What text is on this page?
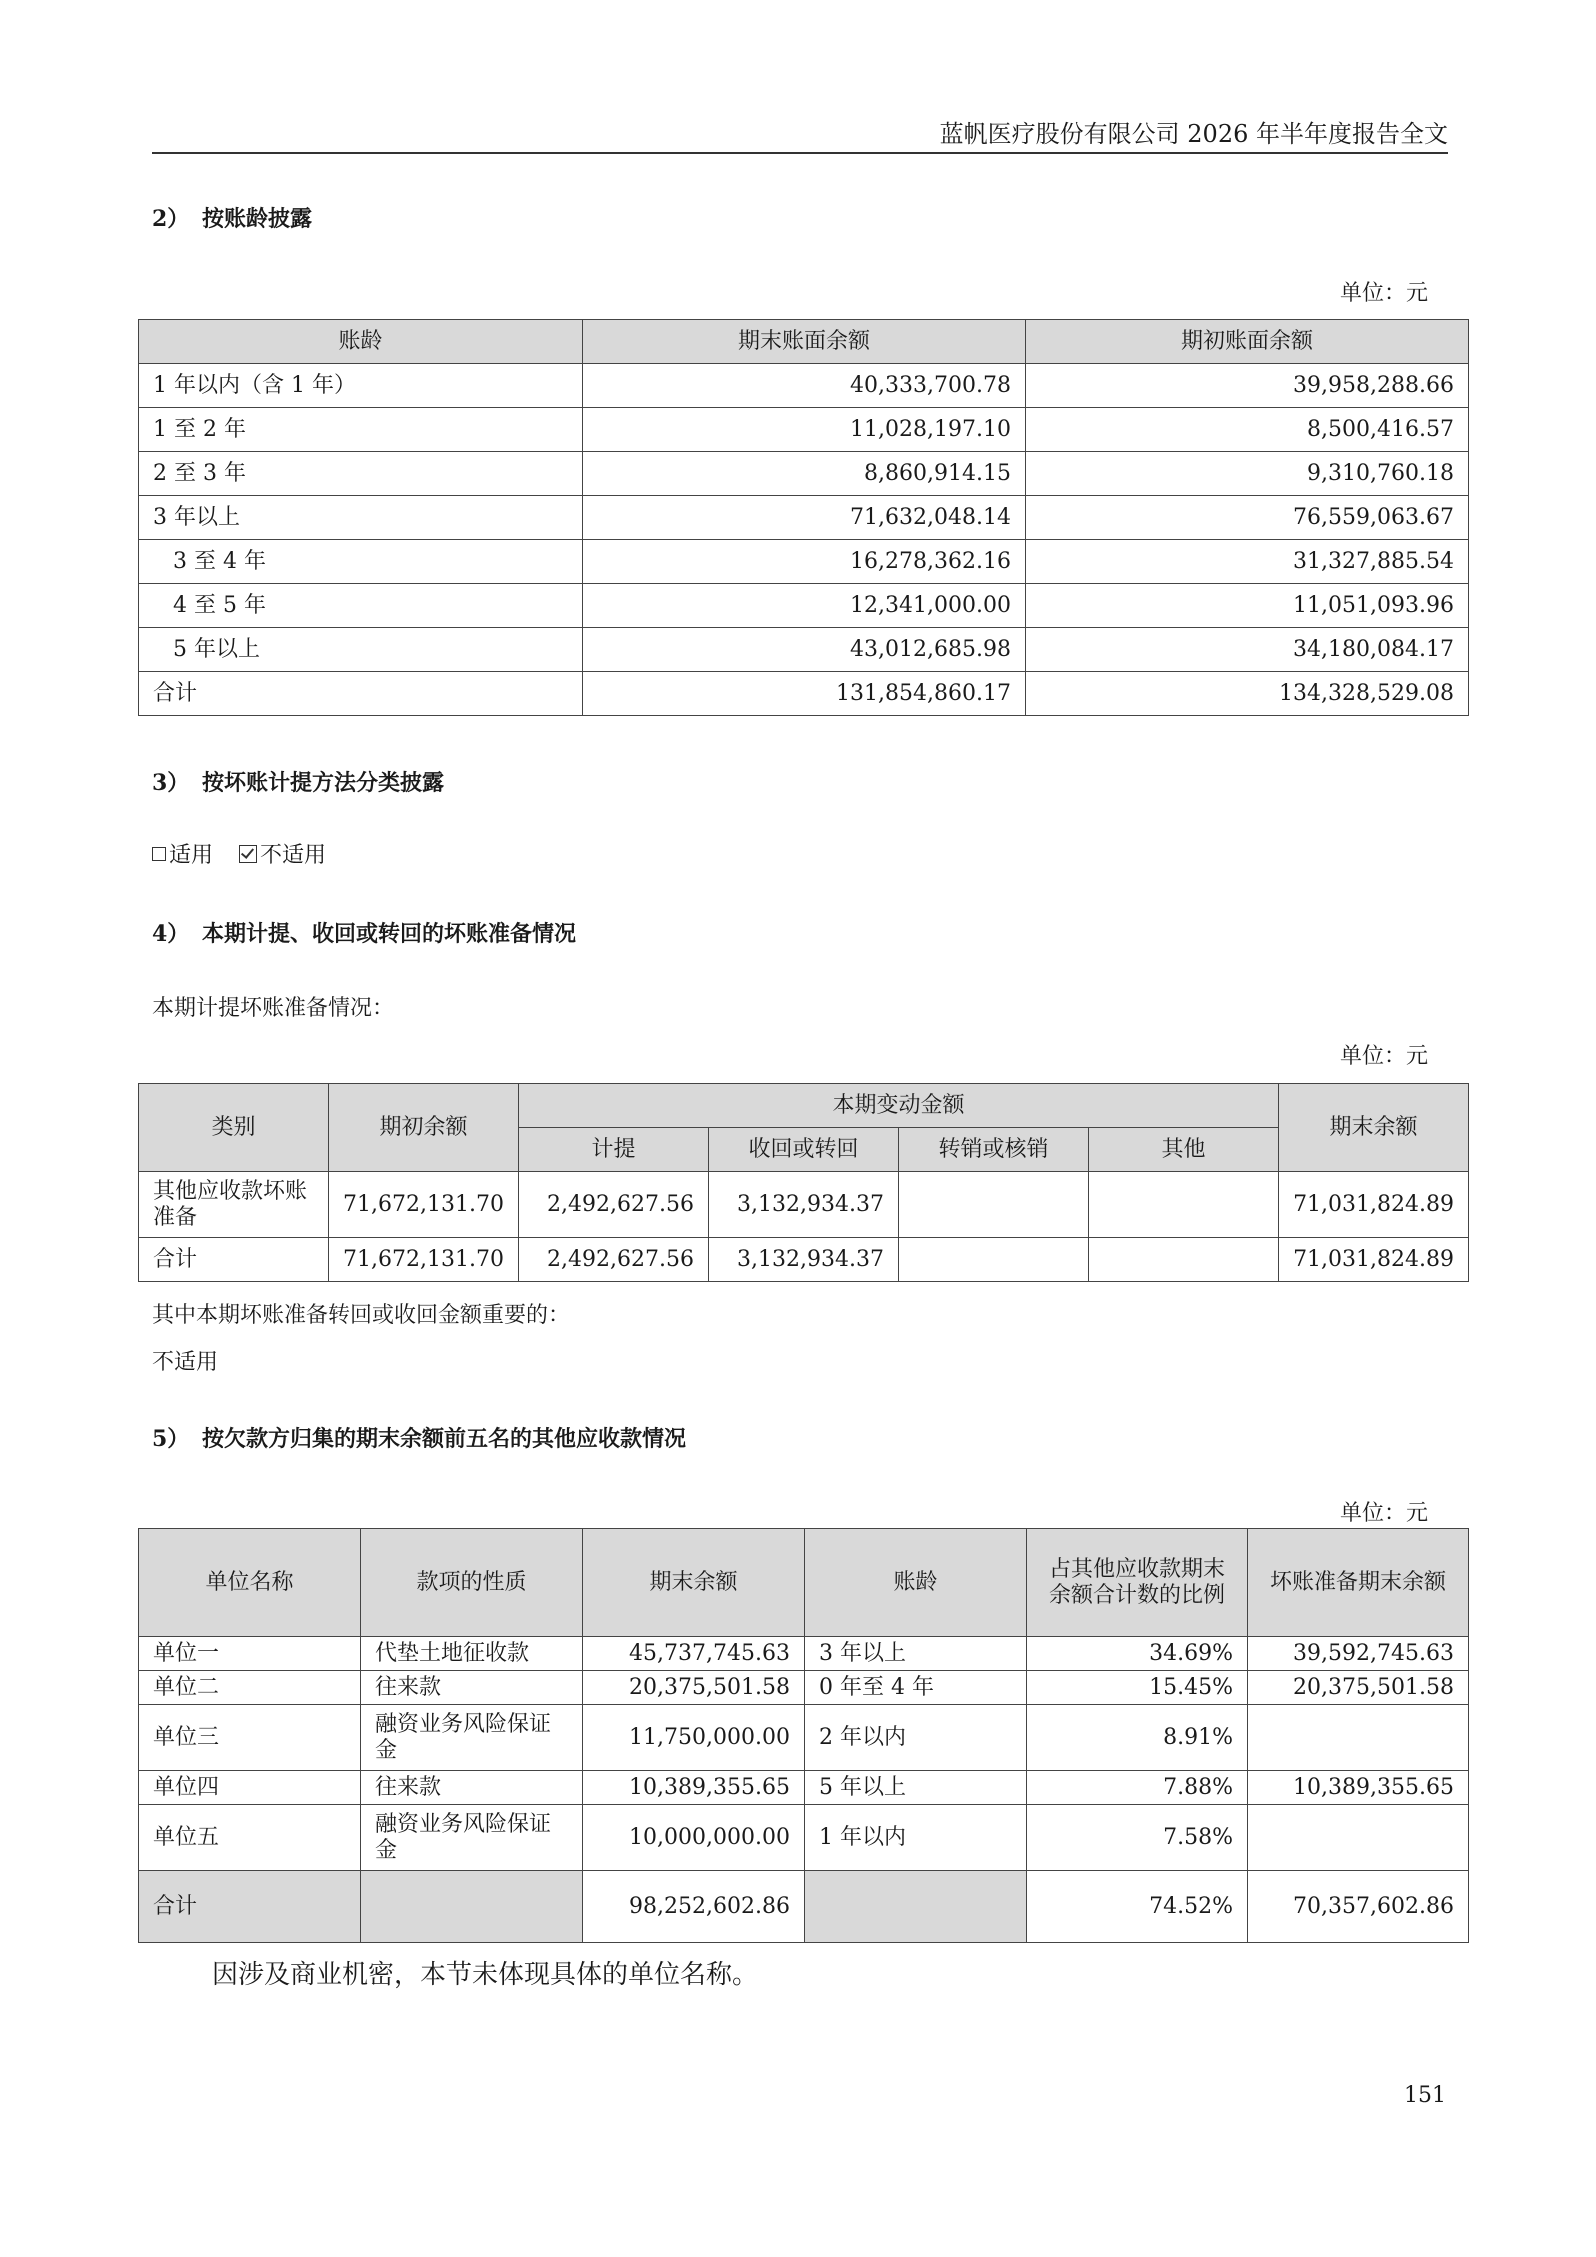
蓝帆医疗股份有限公司 2026 年半年度报告全文
2） 按账龄披露
单位：元
账龄	期末账面余额	期初账面余额
1 年以内（含 1 年）	40,333,700.78	39,958,288.66
1 至 2 年	11,028,197.10	8,500,416.57
2 至 3 年	8,860,914.15	9,310,760.18
3 年以上	71,632,048.14	76,559,063.67
3 至 4 年	16,278,362.16	31,327,885.54
4 至 5 年	12,341,000.00	11,051,093.96
5 年以上	43,012,685.98	34,180,084.17
合计	131,854,860.17	134,328,529.08
3） 按坏账计提方法分类披露
适用 不适用
4） 本期计提、收回或转回的坏账准备情况
本期计提坏账准备情况：
单位：元
类别	期初余额	本期变动金额				期末余额
		计提	收回或转回	转销或核销	其他	
其他应收款坏账准备	71,672,131.70	2,492,627.56	3,132,934.37			71,031,824.89
合计	71,672,131.70	2,492,627.56	3,132,934.37			71,031,824.89
其中本期坏账准备转回或收回金额重要的：
不适用
5） 按欠款方归集的期末余额前五名的其他应收款情况
单位：元
单位名称	款项的性质	期末余额	账龄	占其他应收款期末余额合计数的比例	坏账准备期末余额
单位一	代垫土地征收款	45,737,745.63	3 年以上	34.69%	39,592,745.63
单位二	往来款	20,375,501.58	0 年至 4 年	15.45%	20,375,501.58
单位三	融资业务风险保证金	11,750,000.00	2 年以内	8.91%	
单位四	往来款	10,389,355.65	5 年以上	7.88%	10,389,355.65
单位五	融资业务风险保证金	10,000,000.00	1 年以内	7.58%	
合计		98,252,602.86		74.52%	70,357,602.86
因涉及商业机密，本节未体现具体的单位名称。
151
